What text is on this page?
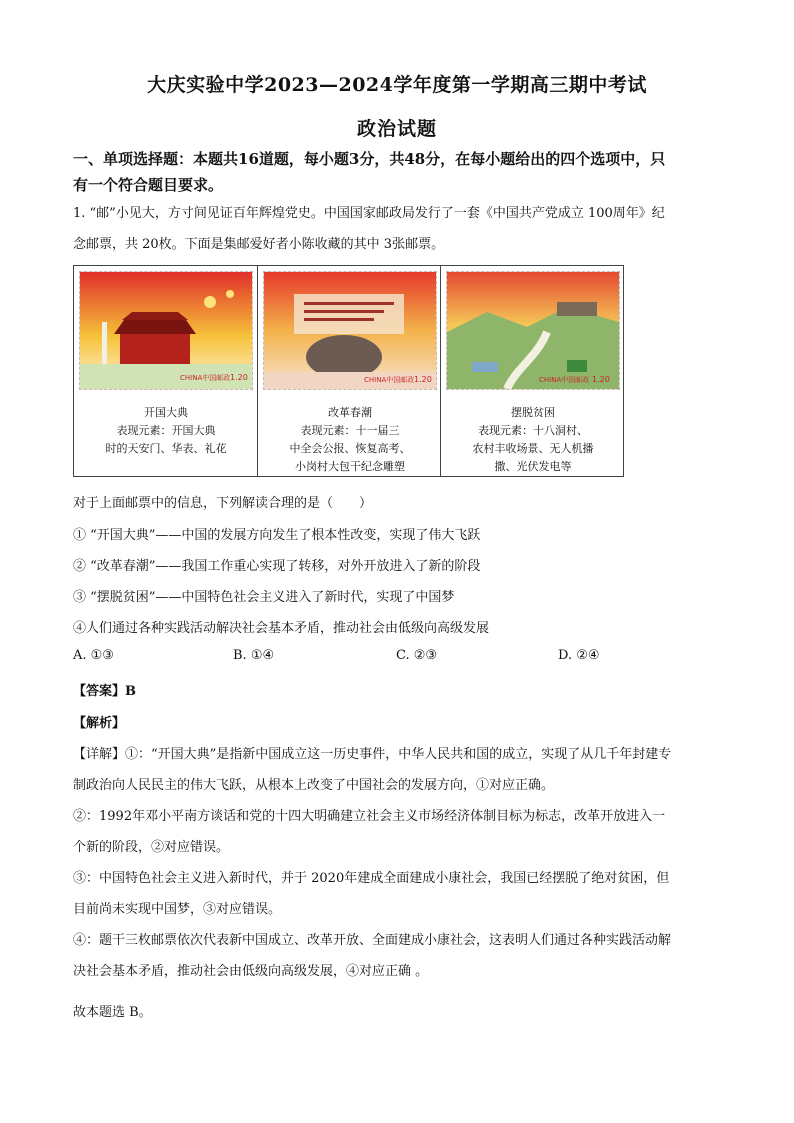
大庆实验中学2023—2024学年度第一学期高三期中考试
政治试题
一、单项选择题：本题共16道题，每小题3分，共48分，在每小题给出的四个选项中，只
有一个符合题目要求。
1. “邮”小见大，方寸间见证百年辉煌党史。中国国家邮政局发行了一套《中国共产党成立 100周年》纪
念邮票，共 20枚。下面是集邮爱好者小陈收藏的其中 3张邮票。
CHINA中国邮政 1.20
开国大典
表现元素：开国大典
时的天安门、华表、礼花
CHINA中国邮政 1.20
改革春潮
表现元素：十一届三
中全会公报、恢复高考、
小岗村大包干纪念雕塑
CHINA中国邮政 1.20
摆脱贫困
表现元素：十八洞村、
农村丰收场景、无人机播
撒、光伏发电等
对于上面邮票中的信息，下列解读合理的是（　　）
① “开国大典”——中国的发展方向发生了根本性改变，实现了伟大飞跃
② “改革春潮”——我国工作重心实现了转移，对外开放进入了新的阶段
③ “摆脱贫困”——中国特色社会主义进入了新时代，实现了中国梦
④人们通过各种实践活动解决社会基本矛盾，推动社会由低级向高级发展
A. ①③	B. ①④	C. ②③	D. ②④
【答案】B
【解析】
【详解】①：“开国大典”是指新中国成立这一历史事件，中华人民共和国的成立，实现了从几千年封建专
制政治向人民民主的伟大飞跃，从根本上改变了中国社会的发展方向，①对应正确。
②：1992年邓小平南方谈话和党的十四大明确建立社会主义市场经济体制目标为标志，改革开放进入一
个新的阶段，②对应错误。
③：中国特色社会主义进入新时代，并于 2020年建成全面建成小康社会，我国已经摆脱了绝对贫困，但
目前尚未实现中国梦，③对应错误。
④：题干三枚邮票依次代表新中国成立、改革开放、全面建成小康社会，这表明人们通过各种实践活动解
决社会基本矛盾，推动社会由低级向高级发展，④对应正确 。
故本题选 B。
